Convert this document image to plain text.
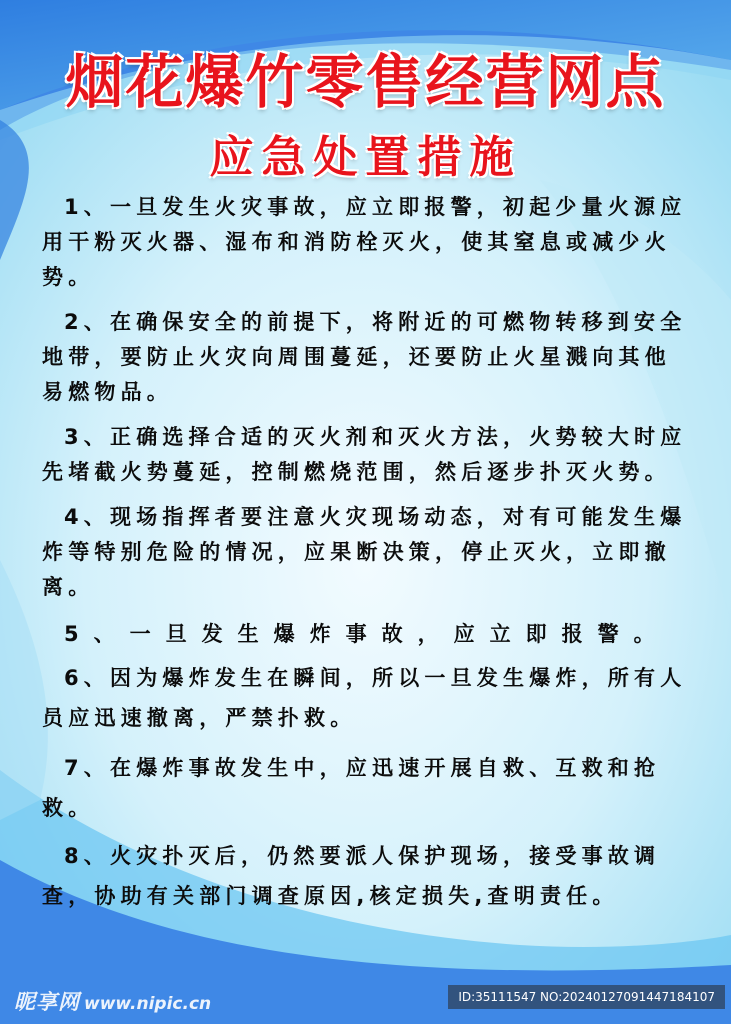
烟花爆竹零售经营网点
应急处置措施

1、一旦发生火灾事故，应立即报警，初起少量火源应用干粉灭火器、湿布和消防栓灭火，使其窒息或减少火势。

2、在确保安全的前提下，将附近的可燃物转移到安全地带，要防止火灾向周围蔓延，还要防止火星溅向其他易燃物品。

3、正确选择合适的灭火剂和灭火方法，火势较大时应先堵截火势蔓延，控制燃烧范围，然后逐步扑灭火势。

4、现场指挥者要注意火灾现场动态，对有可能发生爆炸等特别危险的情况，应果断决策，停止灭火，立即撤离。

5、一旦发生爆炸事故，应立即报警。

6、因为爆炸发生在瞬间，所以一旦发生爆炸，所有人员应迅速撤离，严禁扑救。

7、在爆炸事故发生中，应迅速开展自救、互救和抢救。

8、火灾扑灭后，仍然要派人保护现场，接受事故调查，协助有关部门调查原因,核定损失,查明责任。

昵享网 www.nipic.cn	ID:35111547 NO:20240127091447184107
